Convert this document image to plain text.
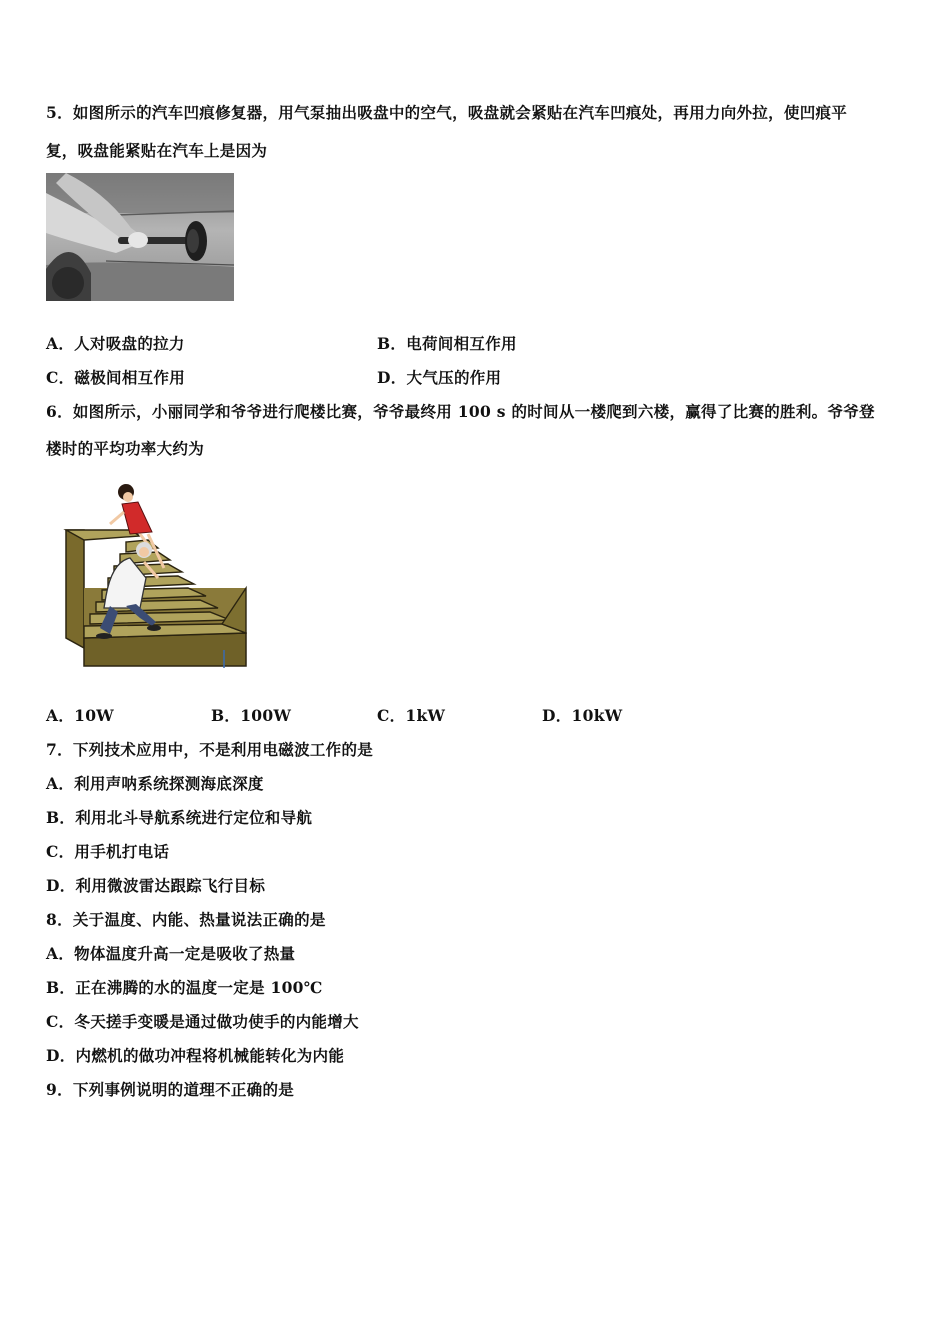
5．如图所示的汽车凹痕修复器，用气泵抽出吸盘中的空气，吸盘就会紧贴在汽车凹痕处，再用力向外拉，使凹痕平
复，吸盘能紧贴在汽车上是因为
A．人对吸盘的拉力	B．电荷间相互作用
C．磁极间相互作用	D．大气压的作用
6．如图所示，小丽同学和爷爷进行爬楼比赛，爷爷最终用 100 s 的时间从一楼爬到六楼，赢得了比赛的胜利。爷爷登
楼时的平均功率大约为
A．10W	B．100W	C．1kW	D．10kW
7．下列技术应用中，不是利用电磁波工作的是
A．利用声呐系统探测海底深度
B．利用北斗导航系统进行定位和导航
C．用手机打电话
D．利用微波雷达跟踪飞行目标
8．关于温度、内能、热量说法正确的是
A．物体温度升高一定是吸收了热量
B．正在沸腾的水的温度一定是 100℃
C．冬天搓手变暖是通过做功使手的内能增大
D．内燃机的做功冲程将机械能转化为内能
9．下列事例说明的道理不正确的是
